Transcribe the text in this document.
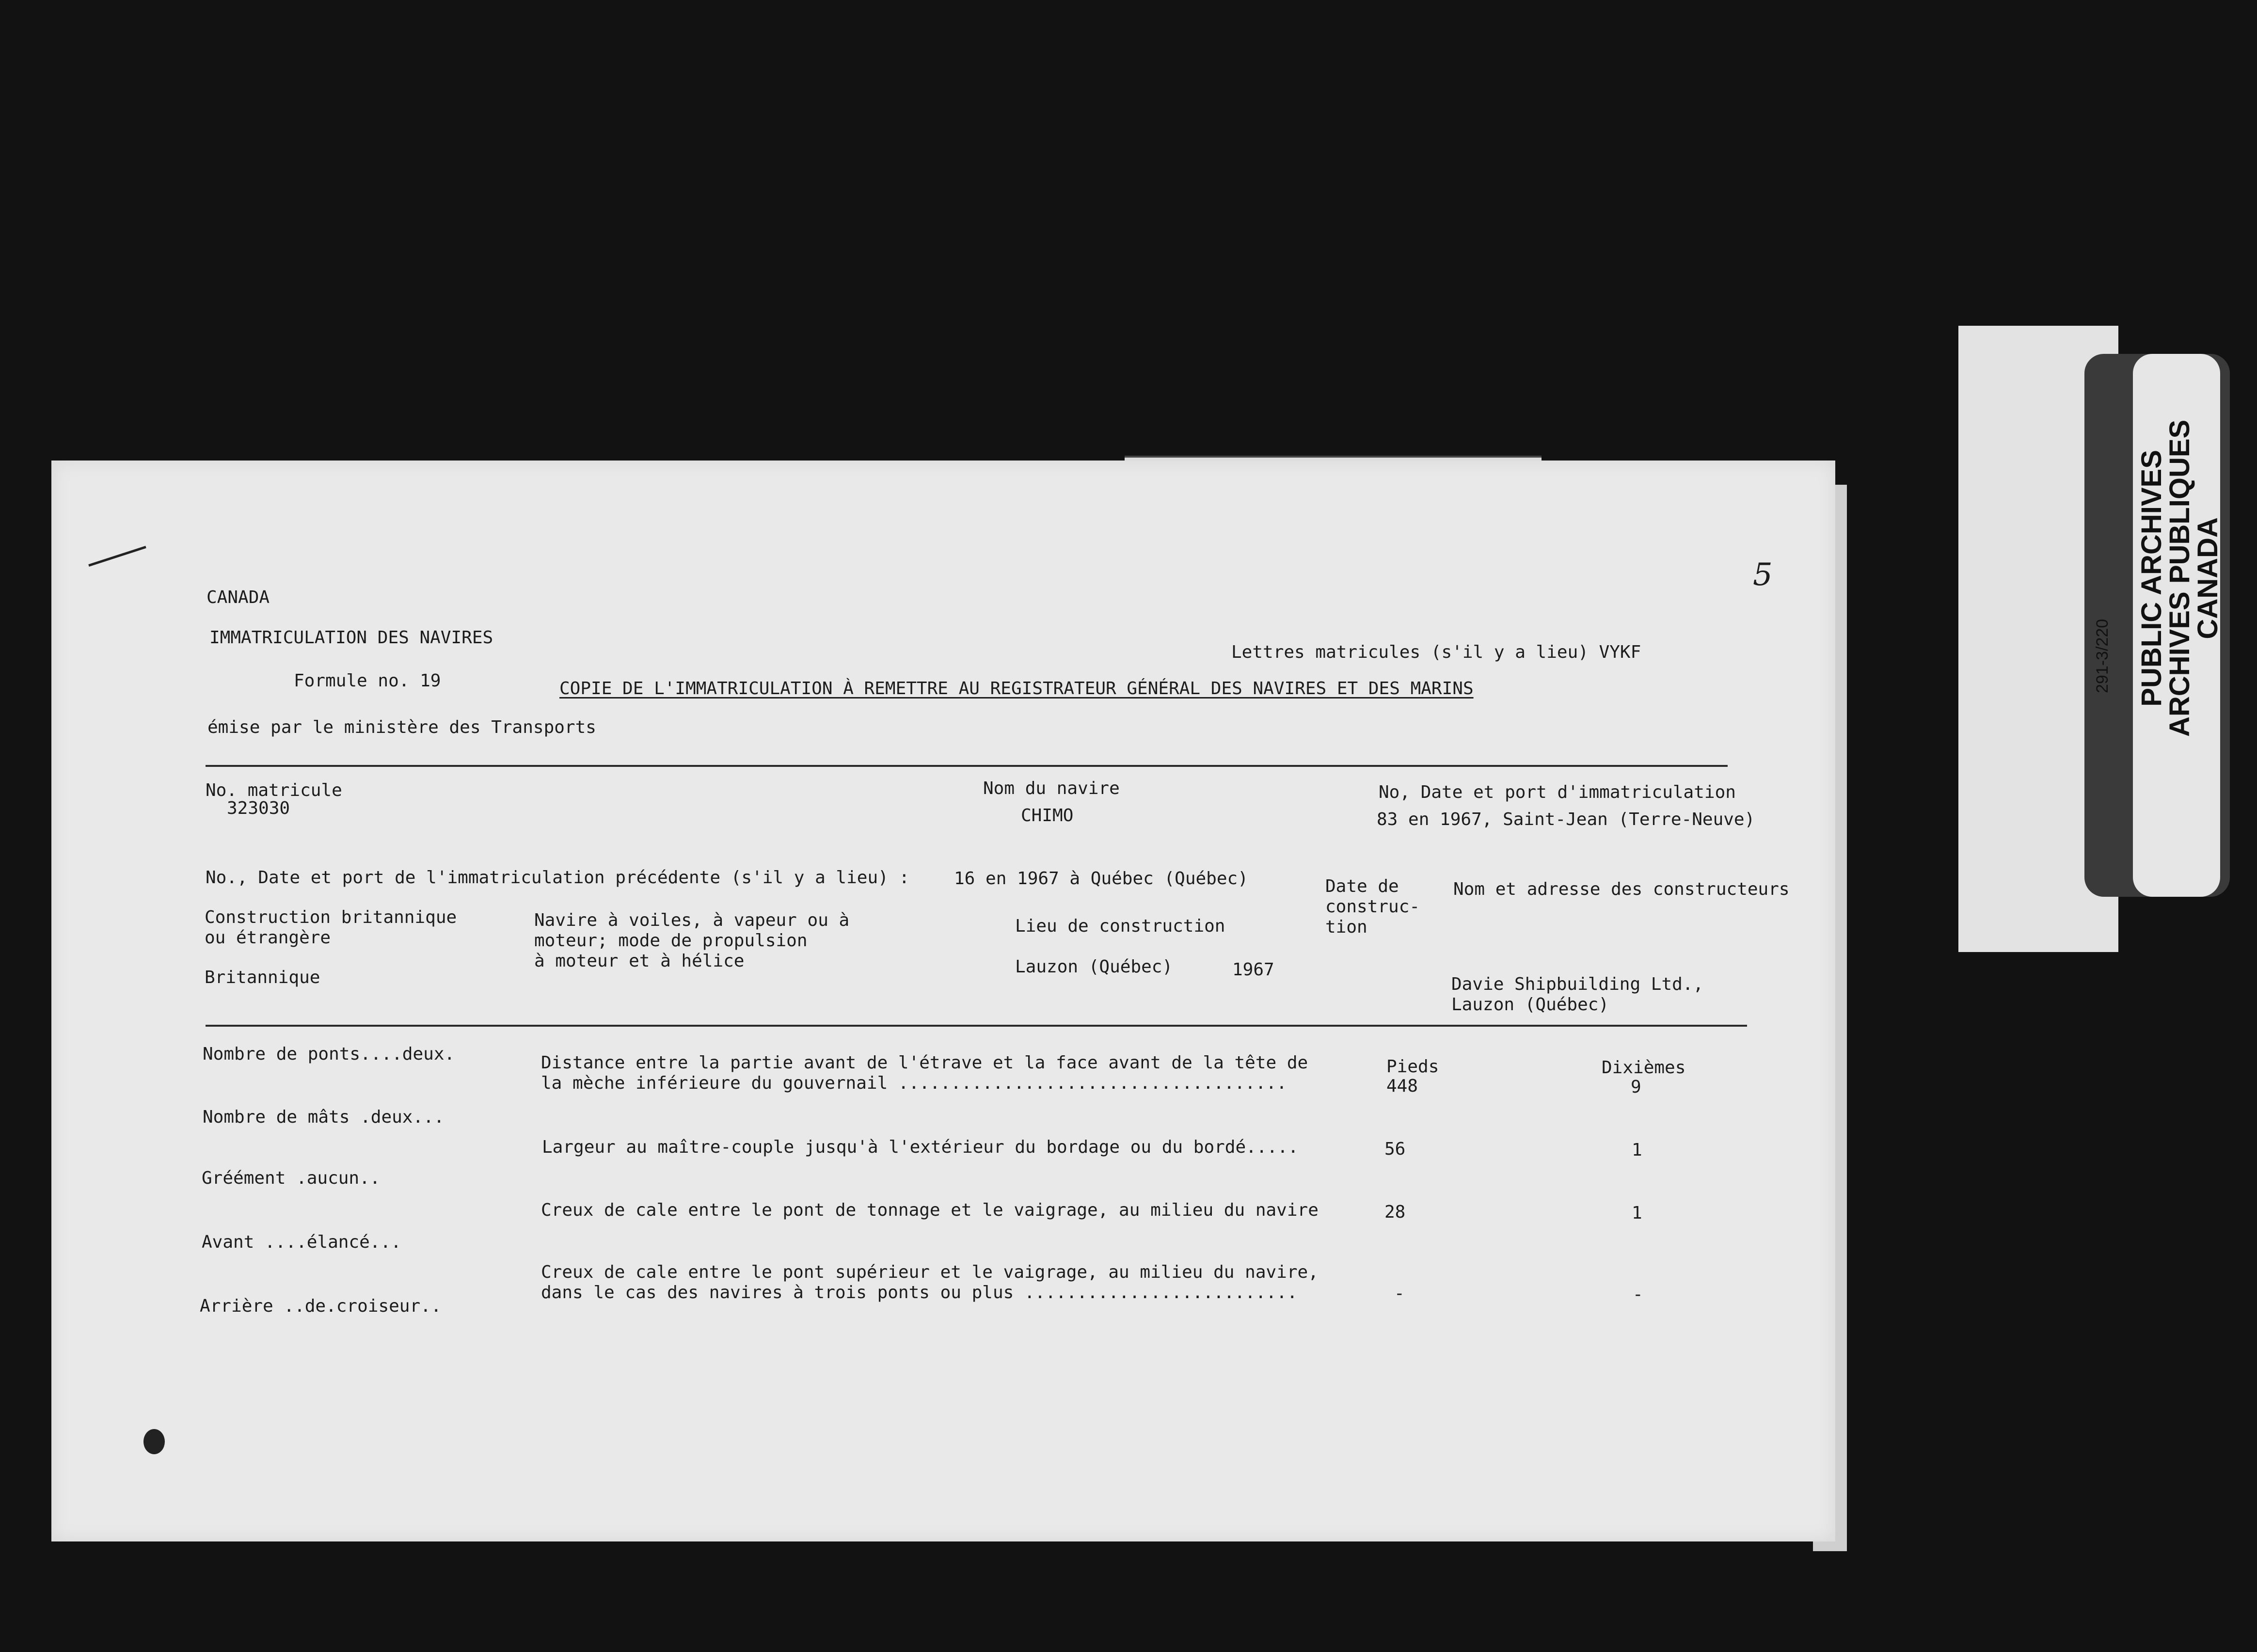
5
CANADA
IMMATRICULATION DES NAVIRES
Lettres matricules (s'il y a lieu) VYKF
Formule no. 19	COPIE DE L'IMMATRICULATION À REMETTRE AU REGISTRATEUR GÉNÉRAL DES NAVIRES ET DES MARINS
émise par le ministère des Transports
No. matricule
323030
Nom du navire
CHIMO
No, Date et port d'immatriculation
83 en 1967, Saint-Jean (Terre-Neuve)
No., Date et port de l'immatriculation précédente (s'il y a lieu) :	16 en 1967 à Québec (Québec)
Construction britannique
ou étrangère
Britannique
Navire à voiles, à vapeur ou à
moteur; mode de propulsion
à moteur et à hélice
Lieu de construction
Lauzon (Québec)	1967
Date de
construc-
tion
Nom et adresse des constructeurs
Davie Shipbuilding Ltd.,
Lauzon (Québec)
Nombre de ponts....deux.
Nombre de mâts .deux...
Gréément .aucun..
Avant ....élancé...
Arrière ..de.croiseur..
Pieds	Dixièmes
Distance entre la partie avant de l'étrave et la face avant de la tête de
la mèche inférieure du gouvernail .....................................	448	9
Largeur au maître-couple jusqu'à l'extérieur du bordage ou du bordé.....	56	1
Creux de cale entre le pont de tonnage et le vaigrage, au milieu du navire	28	1
Creux de cale entre le pont supérieur et le vaigrage, au milieu du navire,
dans le cas des navires à trois ponts ou plus ..........................	-	-
PUBLIC ARCHIVES
ARCHIVES PUBLIQUES
CANADA
291-3/220
